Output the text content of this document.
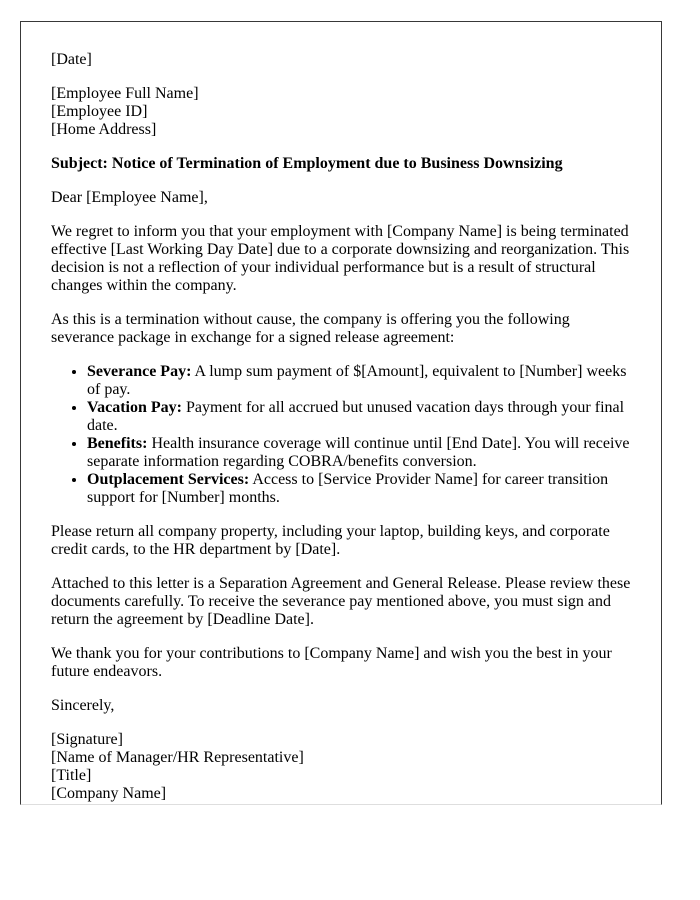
[Date]

[Employee Full Name]
[Employee ID]
[Home Address]

Subject: Notice of Termination of Employment due to Business Downsizing

Dear [Employee Name],

We regret to inform you that your employment with [Company Name] is being terminated effective [Last Working Day Date] due to a corporate downsizing and reorganization. This decision is not a reflection of your individual performance but is a result of structural changes within the company.

As this is a termination without cause, the company is offering you the following severance package in exchange for a signed release agreement:

• Severance Pay: A lump sum payment of $[Amount], equivalent to [Number] weeks of pay.
• Vacation Pay: Payment for all accrued but unused vacation days through your final date.
• Benefits: Health insurance coverage will continue until [End Date]. You will receive separate information regarding COBRA/benefits conversion.
• Outplacement Services: Access to [Service Provider Name] for career transition support for [Number] months.

Please return all company property, including your laptop, building keys, and corporate credit cards, to the HR department by [Date].

Attached to this letter is a Separation Agreement and General Release. Please review these documents carefully. To receive the severance pay mentioned above, you must sign and return the agreement by [Deadline Date].

We thank you for your contributions to [Company Name] and wish you the best in your future endeavors.

Sincerely,

[Signature]
[Name of Manager/HR Representative]
[Title]
[Company Name]
